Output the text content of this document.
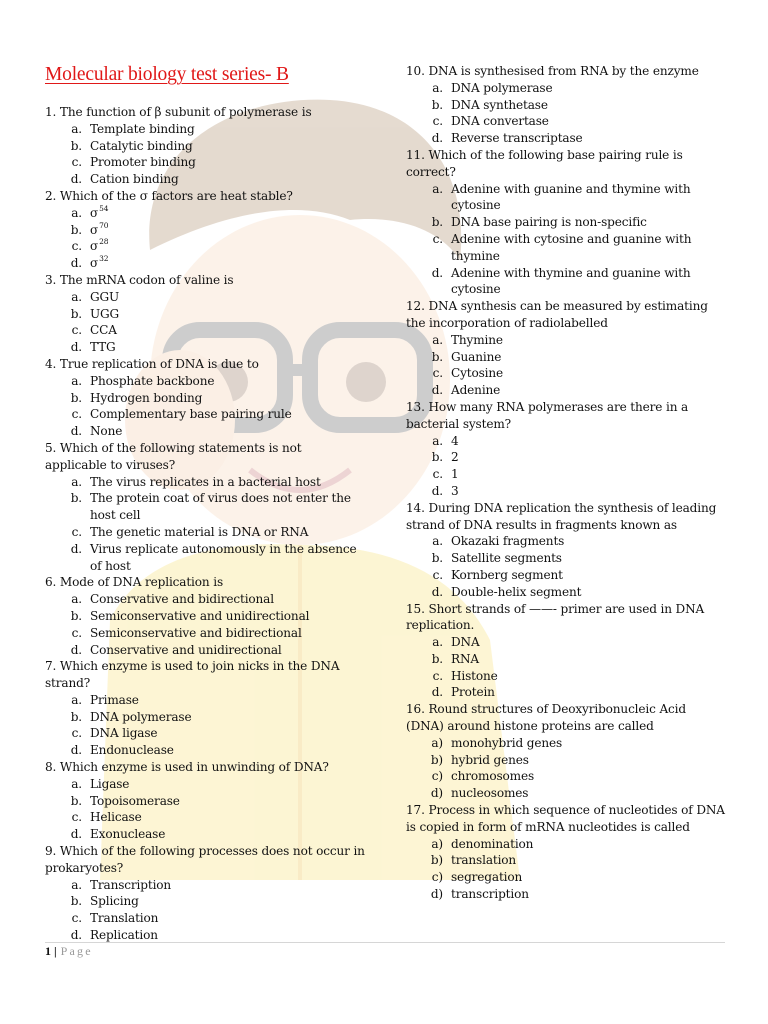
Molecular biology test series- B

1. The function of β subunit of polymerase is

a. Template binding
b. Catalytic binding
c. Promoter binding
d. Cation binding

2. Which of the σ factors are heat stable?

a. $\sigma^{54}$
b. $\sigma^{70}$
c. $\sigma^{28}$
d. $\sigma^{32}$

3. The mRNA codon of valine is

a. GGU
b. UGG
c. CCA
d. TTG

4. True replication of DNA is due to

a. Phosphate backbone
b. Hydrogen bonding
c. Complementary base pairing rule
d. None

5. Which of the following statements is not applicable to viruses?

a. The virus replicates in a bacterial host
b. The protein coat of virus does not enter the host cell
c. The genetic material is DNA or RNA
d. Virus replicate autonomously in the absence of host

6. Mode of DNA replication is

a. Conservative and bidirectional
b. Semiconservative and unidirectional
c. Semiconservative and bidirectional
d. Conservative and unidirectional

7. Which enzyme is used to join nicks in the DNA strand?

a. Primase
b. DNA polymerase
c. DNA ligase
d. Endonuclease

8. Which enzyme is used in unwinding of DNA?

a. Ligase
b. Topoisomerase
c. Helicase
d. Exonuclease

9. Which of the following processes does not occur in prokaryotes?

a. Transcription
b. Splicing
c. Translation
d. Replication

10. DNA is synthesised from RNA by the enzyme

a. DNA polymerase
b. DNA synthetase
c. DNA convertase
d. Reverse transcriptase

11. Which of the following base pairing rule is correct?

a. Adenine with guanine and thymine with cytosine
b. DNA base pairing is non-specific
c. Adenine with cytosine and guanine with thymine
d. Adenine with thymine and guanine with cytosine

12. DNA synthesis can be measured by estimating the incorporation of radiolabelled

a. Thymine
b. Guanine
c. Cytosine
d. Adenine

13. How many RNA polymerases are there in a bacterial system?

a. 4
b. 2
c. 1
d. 3

14. During DNA replication the synthesis of leading strand of DNA results in fragments known as

a. Okazaki fragments
b. Satellite segments
c. Kornberg segment
d. Double-helix segment

15. Short strands of ——- primer are used in DNA replication.

a. DNA
b. RNA
c. Histone
d. Protein

16. Round structures of Deoxyribonucleic Acid (DNA) around histone proteins are called

a) monohybrid genes
b) hybrid genes
c) chromosomes
d) nucleosomes

17. Process in which sequence of nucleotides of DNA is copied in form of mRNA nucleotides is called

a) denomination
b) translation
c) segregation
d) transcription
1 | Page
